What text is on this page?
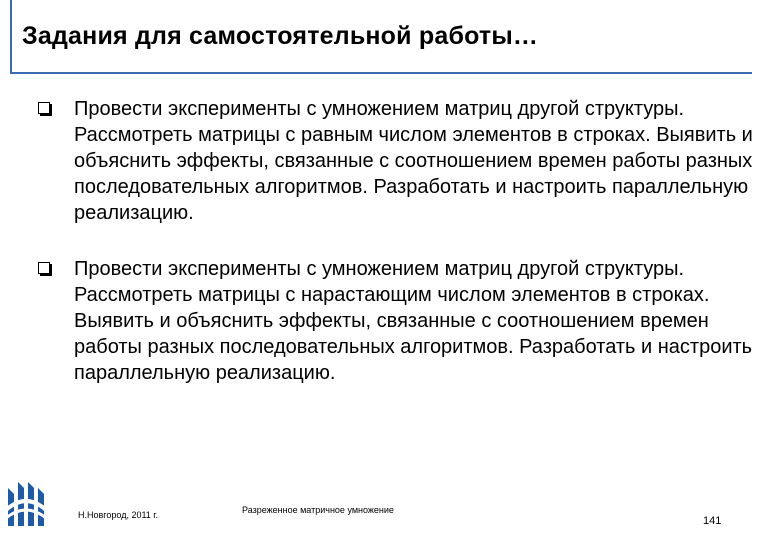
Задания для самостоятельной работы…

Провести эксперименты с умножением матриц другой структуры. Рассмотреть матрицы с равным числом элементов в строках. Выявить и объяснить эффекты, связанные с соотношением времен работы разных последовательных алгоритмов. Разработать и настроить параллельную реализацию.

Провести эксперименты с умножением матриц другой структуры. Рассмотреть матрицы с нарастающим числом элементов в строках. Выявить и объяснить эффекты, связанные с соотношением времен работы разных последовательных алгоритмов. Разработать и настроить параллельную реализацию.

Н.Новгород, 2011 г.	Разреженное матричное умножение
141
